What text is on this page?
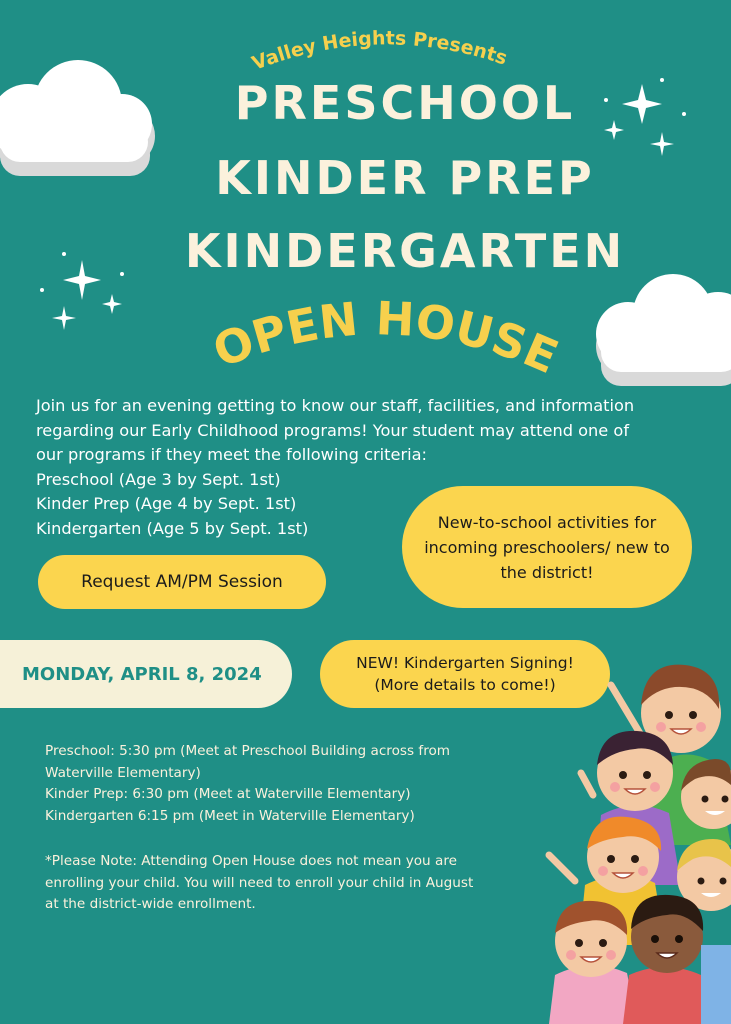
Valley Heights Presents
PRESCHOOL
KINDER PREP
KINDERGARTEN
OPEN HOUSE
Join us for an evening getting to know our staff, facilities, and information
regarding our Early Childhood programs! Your student may attend one of
our programs if they meet the following criteria:
Preschool (Age 3 by Sept. 1st)
Kinder Prep (Age 4 by Sept. 1st)
Kindergarten (Age 5 by Sept. 1st)	New-to-school activities for
incoming preschoolers/ new to
the district!
Request AM/PM Session
MONDAY, APRIL 8, 2024
NEW! Kindergarten Signing!
(More details to come!)
Preschool: 5:30 pm (Meet at Preschool Building across from
Waterville Elementary)
Kinder Prep: 6:30 pm (Meet at Waterville Elementary)
Kindergarten 6:15 pm (Meet in Waterville Elementary)
*Please Note: Attending Open House does not mean you are
enrolling your child. You will need to enroll your child in August
at the district-wide enrollment.
